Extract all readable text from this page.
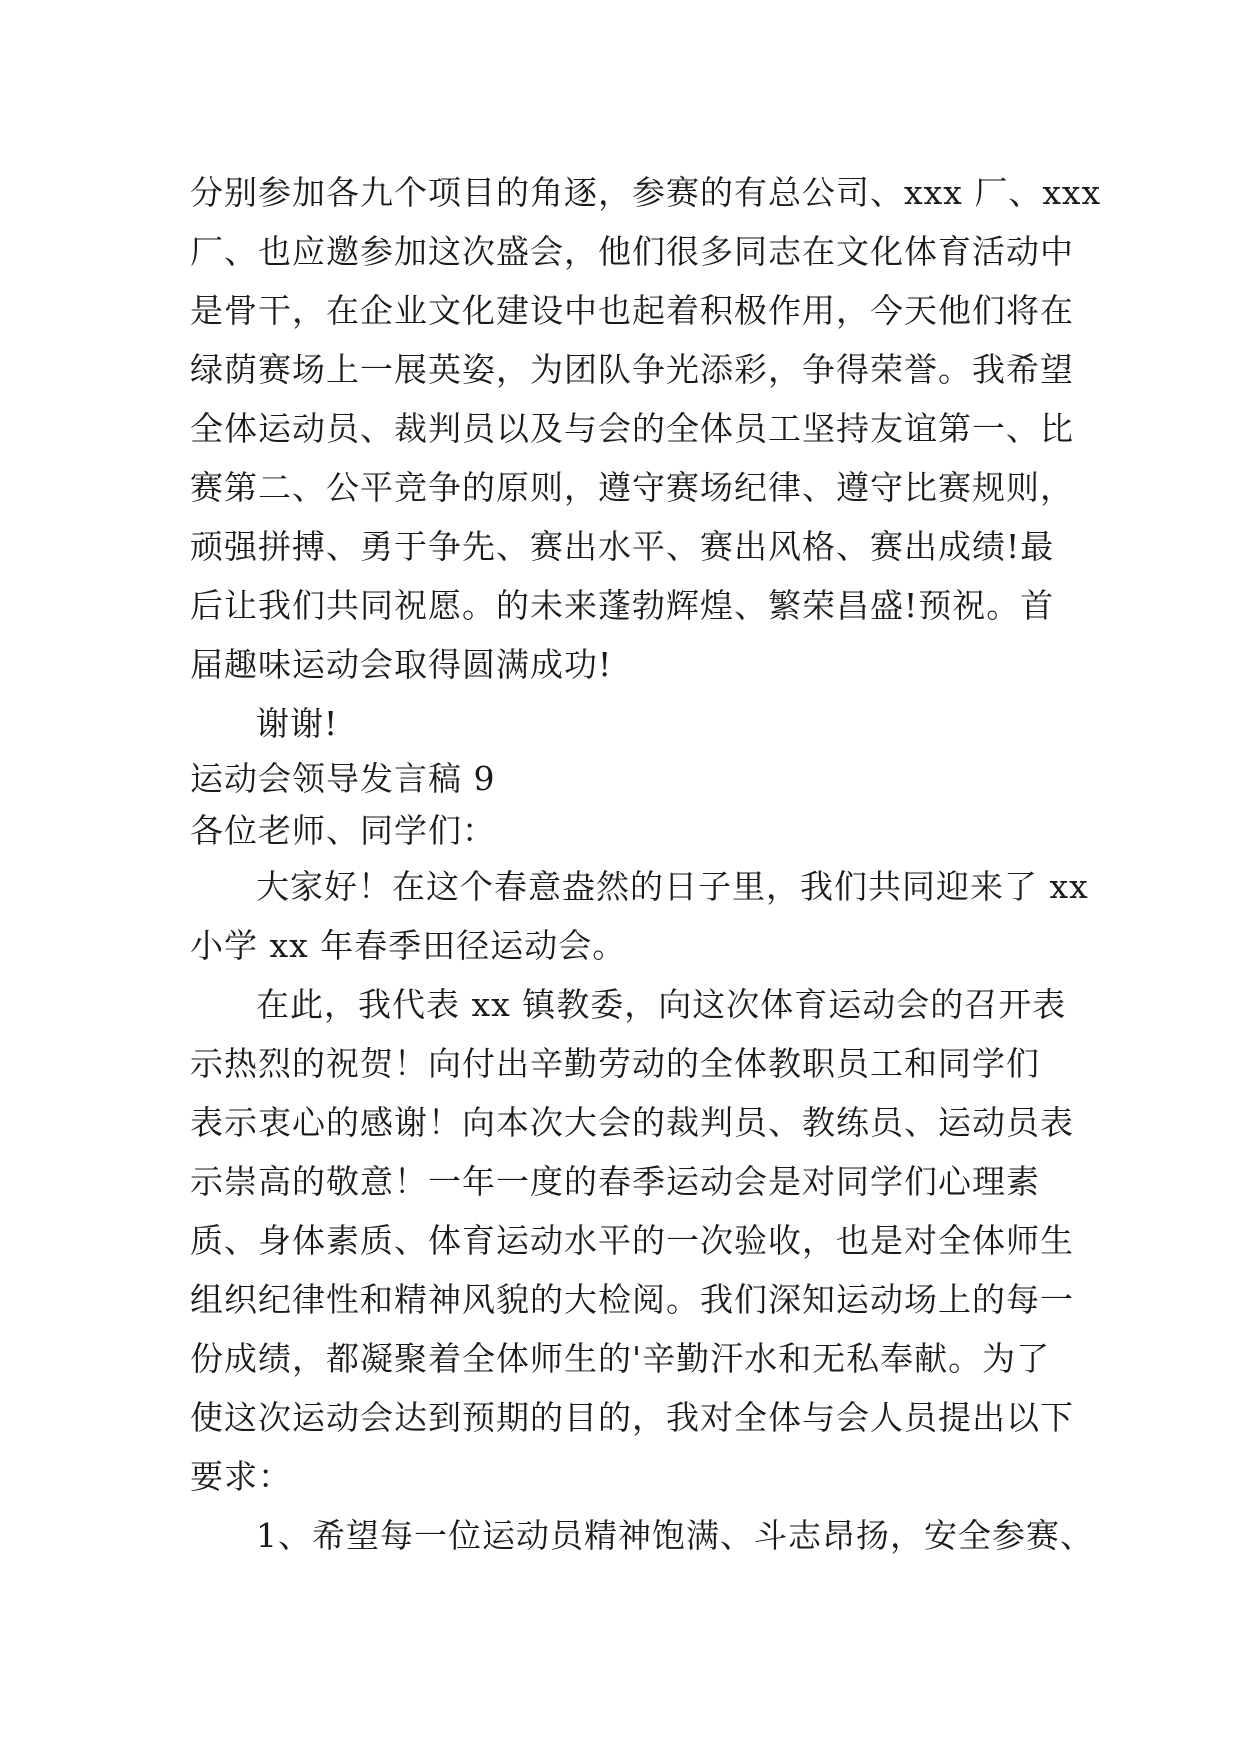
分别参加各九个项目的角逐，参赛的有总公司、xxx 厂、xxx
厂、也应邀参加这次盛会，他们很多同志在文化体育活动中
是骨干，在企业文化建设中也起着积极作用，今天他们将在
绿荫赛场上一展英姿，为团队争光添彩，争得荣誉。我希望
全体运动员、裁判员以及与会的全体员工坚持友谊第一、比
赛第二、公平竞争的原则，遵守赛场纪律、遵守比赛规则，
顽强拼搏、勇于争先、赛出水平、赛出风格、赛出成绩!最
后让我们共同祝愿。的未来蓬勃辉煌、繁荣昌盛!预祝。首
届趣味运动会取得圆满成功!
谢谢!
运动会领导发言稿 9
各位老师、同学们：
大家好！在这个春意盎然的日子里，我们共同迎来了 xx
小学 xx 年春季田径运动会。
在此，我代表 xx 镇教委，向这次体育运动会的召开表
示热烈的祝贺！向付出辛勤劳动的全体教职员工和同学们
表示衷心的感谢！向本次大会的裁判员、教练员、运动员表
示崇高的敬意！一年一度的春季运动会是对同学们心理素
质、身体素质、体育运动水平的一次验收，也是对全体师生
组织纪律性和精神风貌的大检阅。我们深知运动场上的每一
份成绩，都凝聚着全体师生的'辛勤汗水和无私奉献。为了
使这次运动会达到预期的目的，我对全体与会人员提出以下
要求：
1、希望每一位运动员精神饱满、斗志昂扬，安全参赛、
